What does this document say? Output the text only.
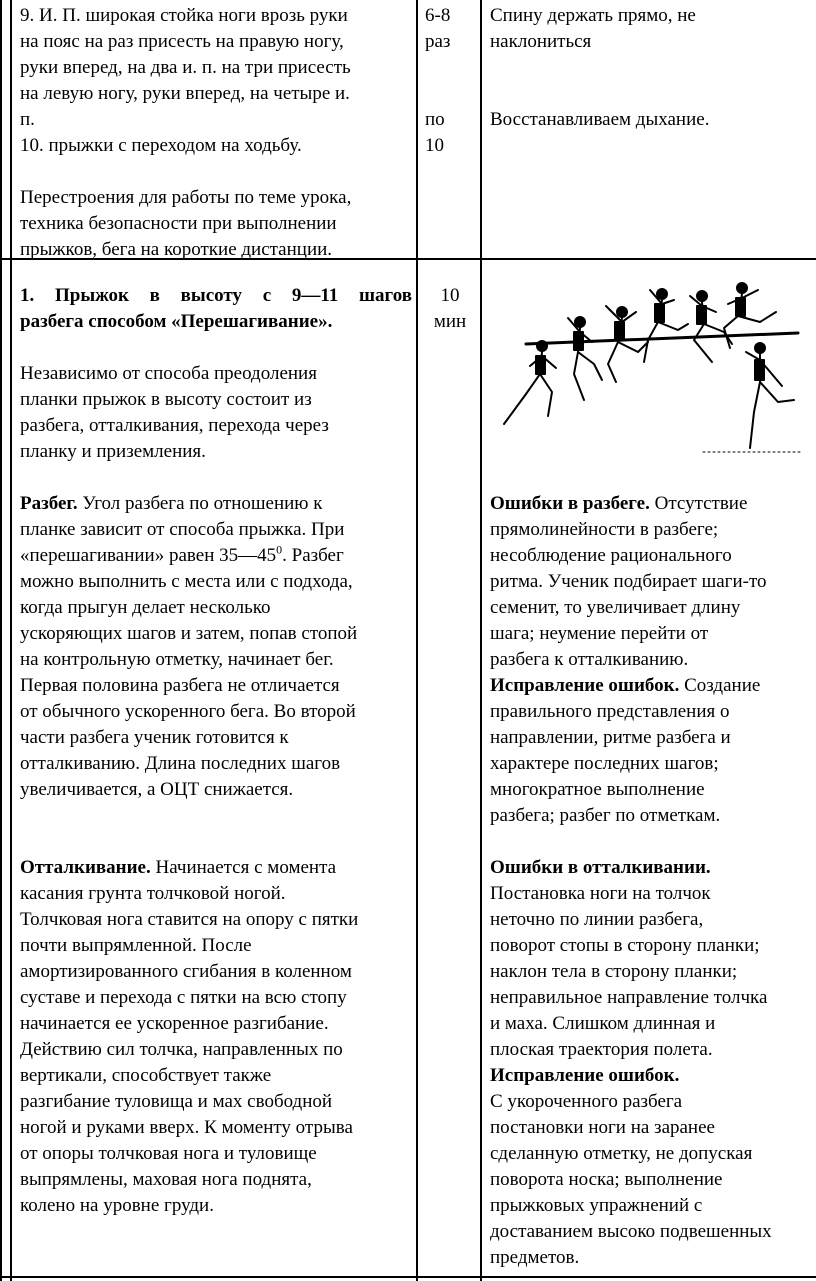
9. И. П. широкая стойка ноги врозь руки

на пояс на раз присесть на правую ногу,

руки вперед, на два и. п. на три присесть

на левую ногу, руки вперед, на четыре и.

п.

10. прыжки с переходом на ходьбу.

Перестроения для работы по теме урока,

техника безопасности при выполнении

прыжков, бега на короткие дистанции.

6-8

раз

по

10

Спину держать прямо, не

наклониться

Восстанавливаем дыхание.

1. Прыжок в высоту с 9—11 шагов

разбега способом «Перешагивание».

Независимо от способа преодоления

планки прыжок в высоту состоит из

разбега, отталкивания, перехода через

планку и приземления.

Разбег. Угол разбега по отношению к

планке зависит от способа прыжка. При

«перешагивании» равен $35—45^0$. Разбег

можно выполнить с места или с подхода,

когда прыгун делает несколько

ускоряющих шагов и затем, попав стопой

на контрольную отметку, начинает бег.

Первая половина разбега не отличается

от обычного ускоренного бега. Во второй

части разбега ученик готовится к

отталкиванию. Длина последних шагов

увеличивается, а ОЦТ снижается.

Отталкивание. Начинается с момента

касания грунта толчковой ногой.

Толчковая нога ставится на опору с пятки

почти выпрямленной. После

амортизированного сгибания в коленном

суставе и перехода с пятки на всю стопу

начинается ее ускоренное разгибание.

Действию сил толчка, направленных по

вертикали, способствует также

разгибание туловища и мах свободной

ногой и руками вверх. К моменту отрыва

от опоры толчковая нога и туловище

выпрямлены, маховая нога поднята,

колено на уровне груди.

10

мин

Ошибки в разбеге. Отсутствие

прямолинейности в разбеге;

несоблюдение рационального

ритма. Ученик подбирает шаги-то

семенит, то увеличивает длину

шага; неумение перейти от

разбега к отталкиванию.

Исправление ошибок. Создание

правильного представления о

направлении, ритме разбега и

характере последних шагов;

многократное выполнение

разбега; разбег по отметкам.

Ошибки в отталкивании.

Постановка ноги на толчок

неточно по линии разбега,

поворот стопы в сторону планки;

наклон тела в сторону планки;

неправильное направление толчка

и маха. Слишком длинная и

плоская траектория полета.

Исправление ошибок.

С укороченного разбега

постановки ноги на заранее

сделанную отметку, не допуская

поворота носка; выполнение

прыжковых упражнений с

доставанием высоко подвешенных

предметов.
